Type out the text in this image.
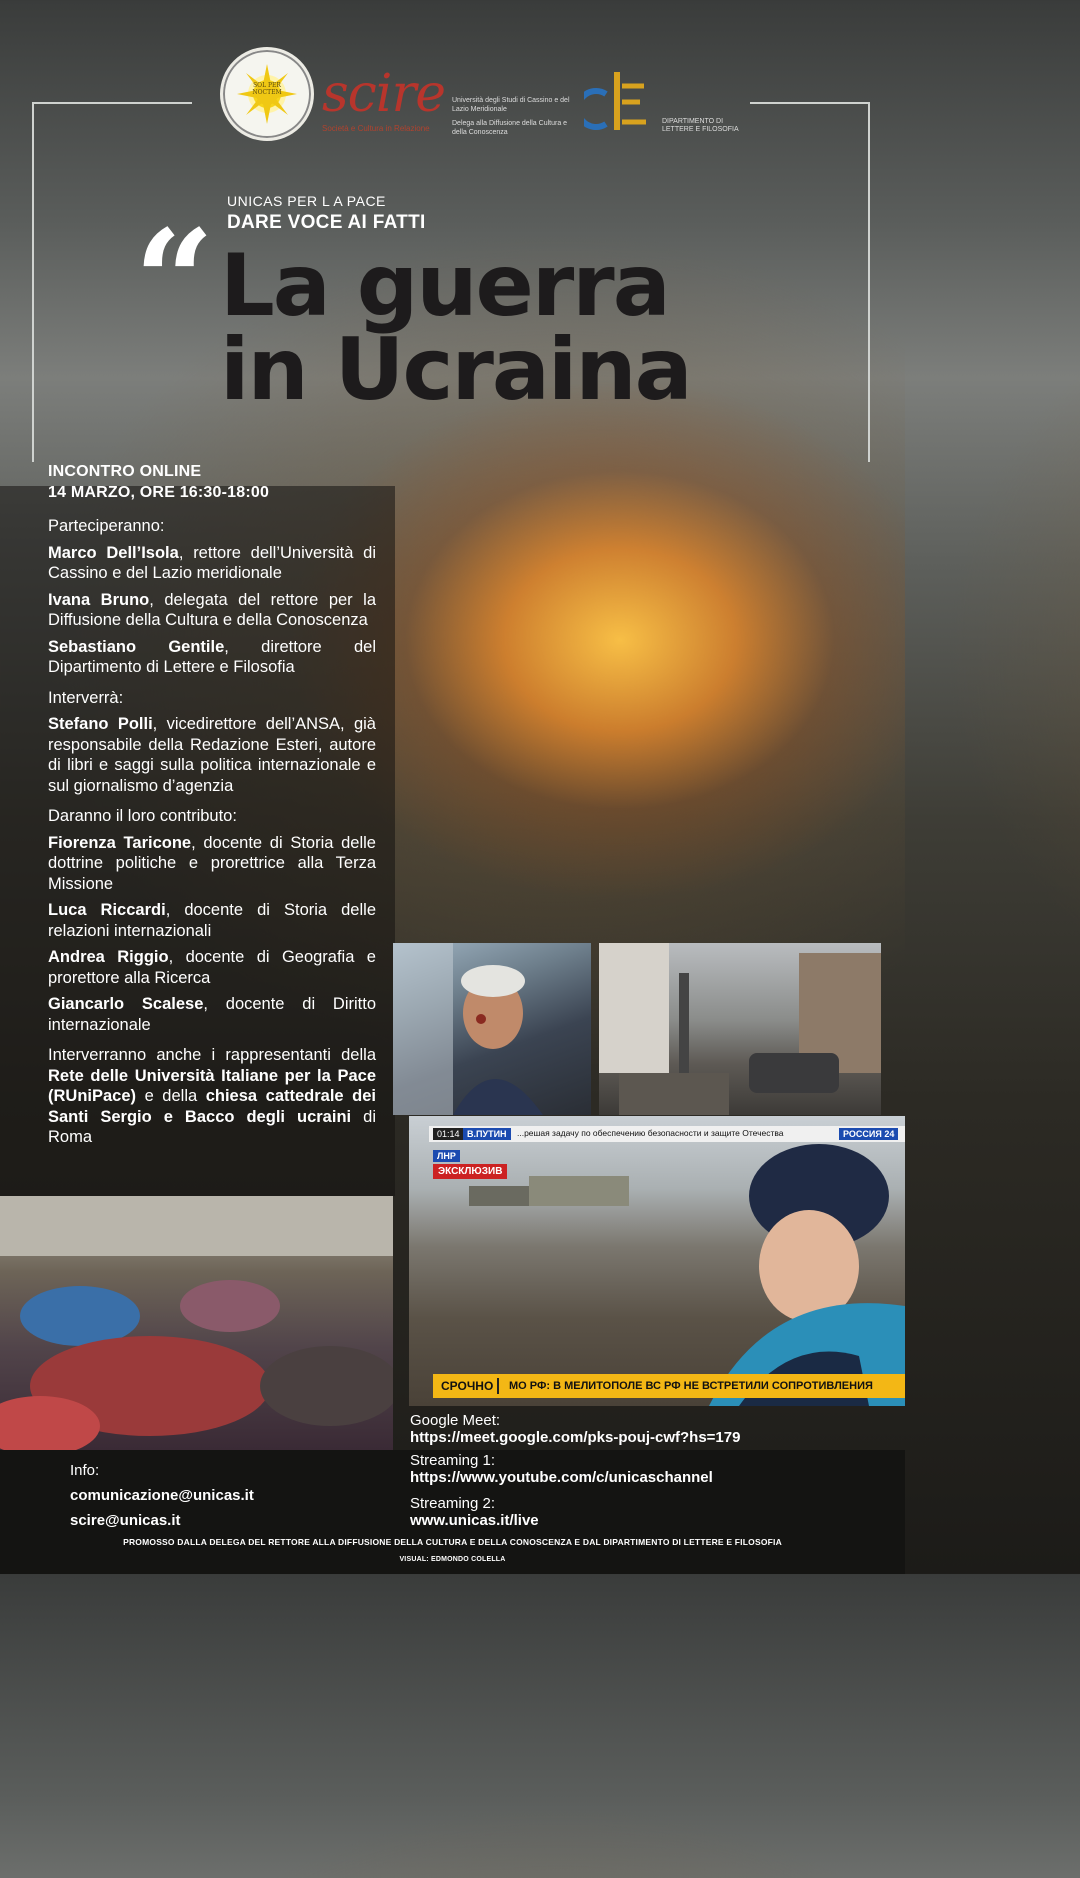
SOL PER NOCTEM scire
Società e Cultura in Relazione
Università degli Studi di Cassino e del Lazio Meridionale
Delega alla Diffusione della Cultura e della Conoscenza
DIPARTIMENTO DI LETTERE E FILOSOFIA
UNICAS PER L A PACE
DARE VOCE AI FATTI
“ La guerra
in Ucraina
INCONTRO ONLINE
14 MARZO, ORE 16:30-18:00

Parteciperanno:

Marco Dell’Isola, rettore dell’Università di Cassino e del Lazio meridionale

Ivana Bruno, delegata del rettore per la Diffusione della Cultura e della Conoscenza

Sebastiano Gentile, direttore del Dipartimento di Lettere e Filosofia

Interverrà:

Stefano Polli, vicedirettore dell’ANSA, già responsabile della Redazione Esteri, autore di libri e saggi sulla politica internazionale e sul giornalismo d’agenzia

Daranno il loro contributo:

Fiorenza Taricone, docente di Storia delle dottrine politiche e prorettrice alla Terza Missione

Luca Riccardi, docente di Storia delle relazioni internazionali

Andrea Riggio, docente di Geografia e prorettore alla Ricerca

Giancarlo Scalese, docente di Diritto internazionale

Interverranno anche i rappresentanti della Rete delle Università Italiane per la Pace (RUniPace) e della chiesa cattedrale dei Santi Sergio e Bacco degli ucraini di Roma	01:14 В.ПУТИН	...решая задачу по обеспечению безопасности и защите Отечества	РОССИЯ 24
ЛНР
ЭКСКЛЮЗИВ
СРОЧНО	МО РФ: В МЕЛИТОПОЛЕ ВС РФ НЕ ВСТРЕТИЛИ СОПРОТИВЛЕНИЯ
Google Meet:
https://meet.google.com/pks-pouj-cwf?hs=179
Streaming 1:
https://www.youtube.com/c/unicaschannel
Streaming 2:
www.unicas.it/live
Info:
comunicazione@unicas.it
scire@unicas.it
PROMOSSO DALLA DELEGA DEL RETTORE ALLA DIFFUSIONE DELLA CULTURA E DELLA CONOSCENZA E DAL DIPARTIMENTO DI LETTERE E FILOSOFIA
VISUAL: EDMONDO COLELLA
